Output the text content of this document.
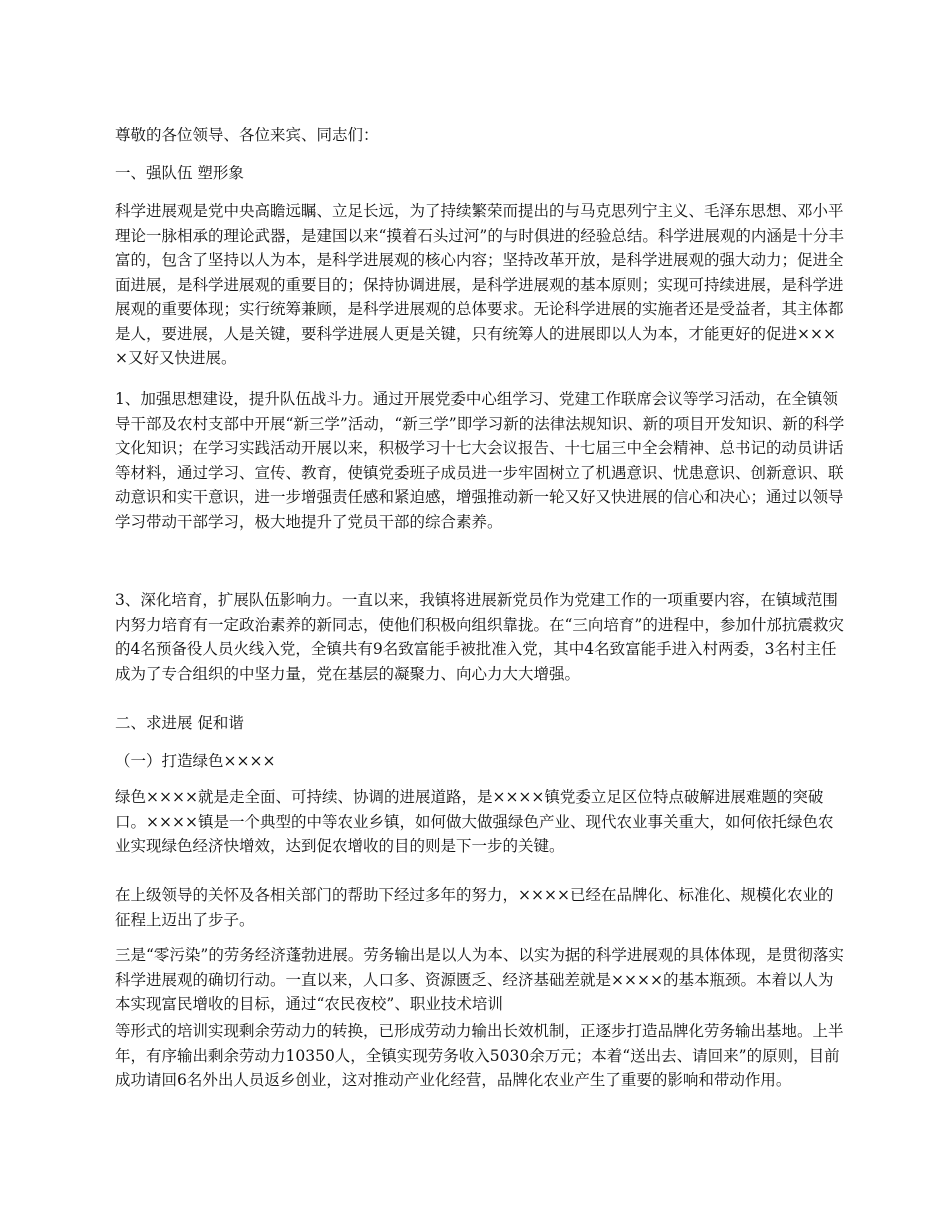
尊敬的各位领导、各位来宾、同志们：

一、强队伍 塑形象

科学进展观是党中央高瞻远瞩、立足长远，为了持续繁荣而提出的与马克思列宁主义、毛泽东思想、邓小平理论一脉相承的理论武器，是建国以来“摸着石头过河”的与时俱进的经验总结。科学进展观的内涵是十分丰富的，包含了坚持以人为本，是科学进展观的核心内容；坚持改革开放，是科学进展观的强大动力；促进全面进展，是科学进展观的重要目的；保持协调进展，是科学进展观的基本原则；实现可持续进展，是科学进展观的重要体现；实行统筹兼顾，是科学进展观的总体要求。无论科学进展的实施者还是受益者，其主体都是人，要进展，人是关键，要科学进展人更是关键，只有统筹人的进展即以人为本，才能更好的促进××××又好又快进展。

1、加强思想建设，提升队伍战斗力。通过开展党委中心组学习、党建工作联席会议等学习活动，在全镇领导干部及农村支部中开展“新三学”活动，“新三学”即学习新的法律法规知识、新的项目开发知识、新的科学文化知识；在学习实践活动开展以来，积极学习十七大会议报告、十七届三中全会精神、总书记的动员讲话等材料，通过学习、宣传、教育，使镇党委班子成员进一步牢固树立了机遇意识、忧患意识、创新意识、联动意识和实干意识，进一步增强责任感和紧迫感，增强推动新一轮又好又快进展的信心和决心；通过以领导学习带动干部学习，极大地提升了党员干部的综合素养。

3、深化培育，扩展队伍影响力。一直以来，我镇将进展新党员作为党建工作的一项重要内容，在镇域范围内努力培育有一定政治素养的新同志，使他们积极向组织靠拢。在“三向培育”的进程中，参加什邡抗震救灾的4名预备役人员火线入党，全镇共有9名致富能手被批准入党，其中4名致富能手进入村两委，3名村主任成为了专合组织的中坚力量，党在基层的凝聚力、向心力大大增强。

二、求进展 促和谐

（一）打造绿色××××

绿色××××就是走全面、可持续、协调的进展道路，是××××镇党委立足区位特点破解进展难题的突破口。××××镇是一个典型的中等农业乡镇，如何做大做强绿色产业、现代农业事关重大，如何依托绿色农业实现绿色经济快增效，达到促农增收的目的则是下一步的关键。

在上级领导的关怀及各相关部门的帮助下经过多年的努力，××××已经在品牌化、标准化、规模化农业的征程上迈出了步子。

三是“零污染”的劳务经济蓬勃进展。劳务输出是以人为本、以实为据的科学进展观的具体体现，是贯彻落实科学进展观的确切行动。一直以来，人口多、资源匮乏、经济基础差就是××××的基本瓶颈。本着以人为本实现富民增收的目标，通过“农民夜校”、职业技术培训

等形式的培训实现剩余劳动力的转换，已形成劳动力输出长效机制，正逐步打造品牌化劳务输出基地。上半年，有序输出剩余劳动力10350人，全镇实现劳务收入5030余万元；本着“送出去、请回来”的原则，目前成功请回6名外出人员返乡创业，这对推动产业化经营，品牌化农业产生了重要的影响和带动作用。
